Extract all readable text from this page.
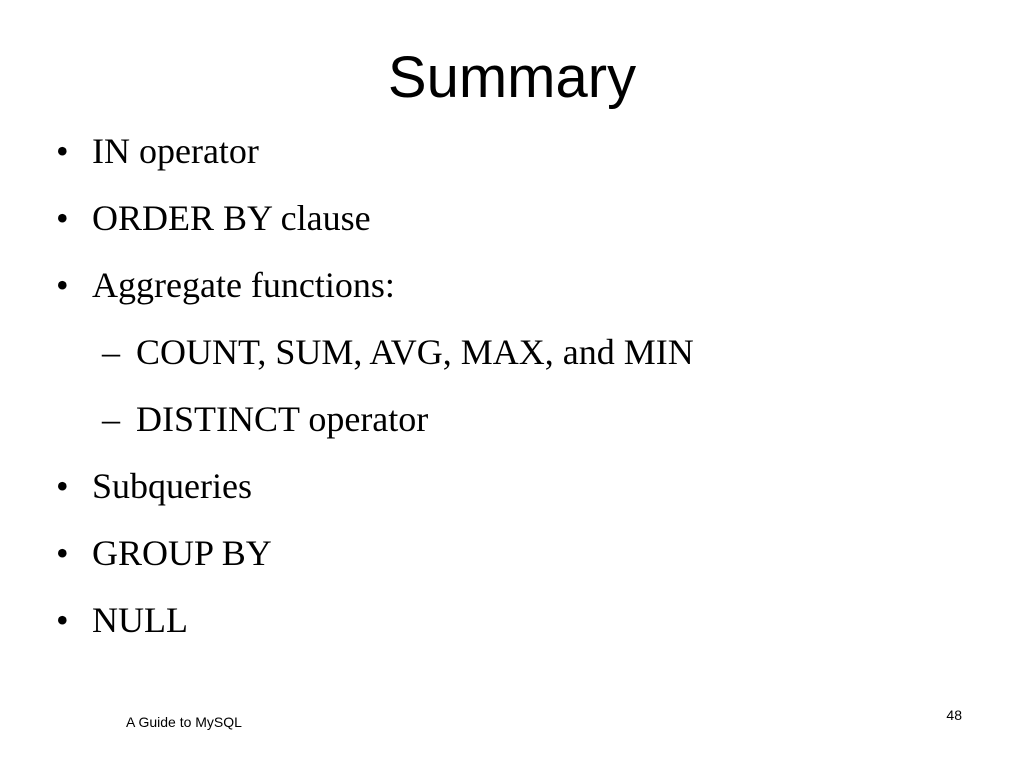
Summary
• IN operator
• ORDER BY clause
• Aggregate functions:
– COUNT, SUM, AVG, MAX, and MIN
– DISTINCT operator
• Subqueries
• GROUP BY
• NULL
A Guide to MySQL	48
